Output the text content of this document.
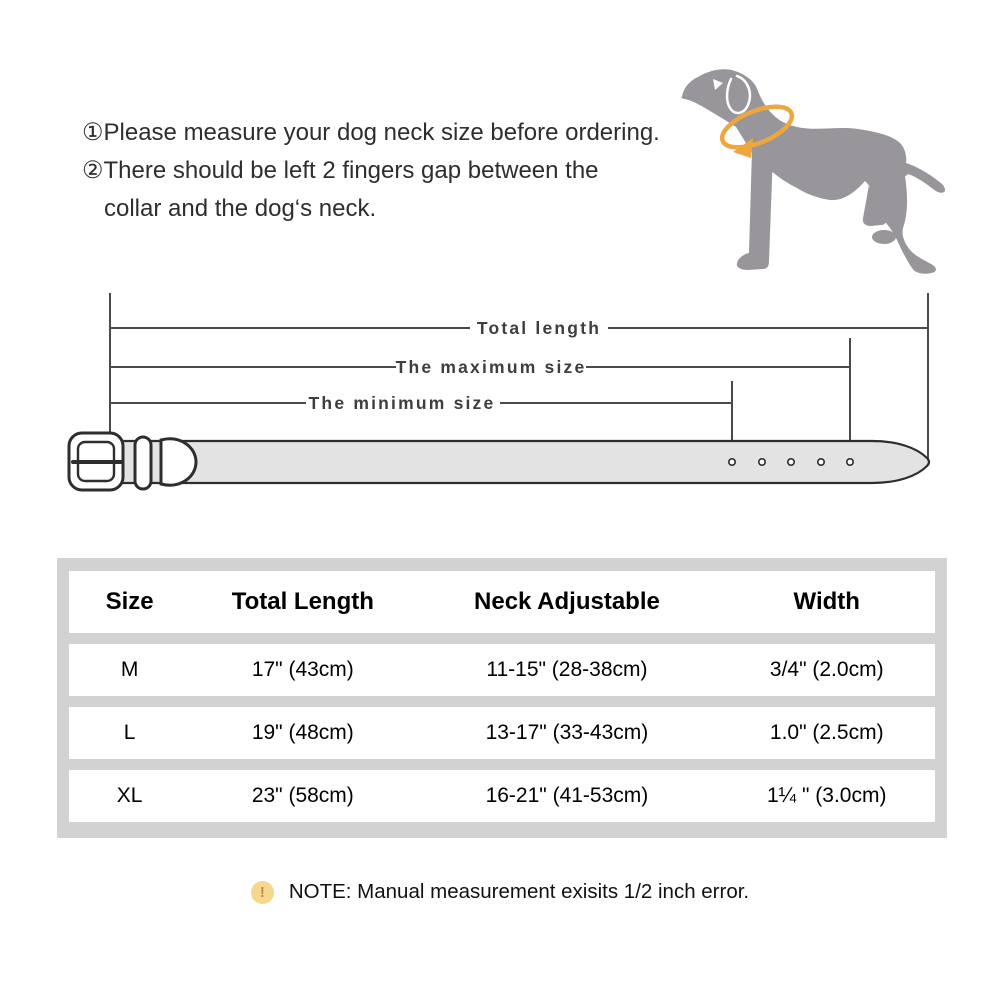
①Please measure your dog neck size before ordering.
②There should be left 2 fingers gap between the
collar and the dog‘s neck.
Total length
The maximum size
The minimum size
Size	Total Length	Neck Adjustable	Width
M	17" (43cm)	11-15" (28-38cm)	3/4" (2.0cm)
L	19" (48cm)	13-17" (33-43cm)	1.0" (2.5cm)
XL	23" (58cm)	16-21" (41-53cm)	1¼ " (3.0cm)
!	NOTE: Manual measurement exisits 1/2 inch error.
